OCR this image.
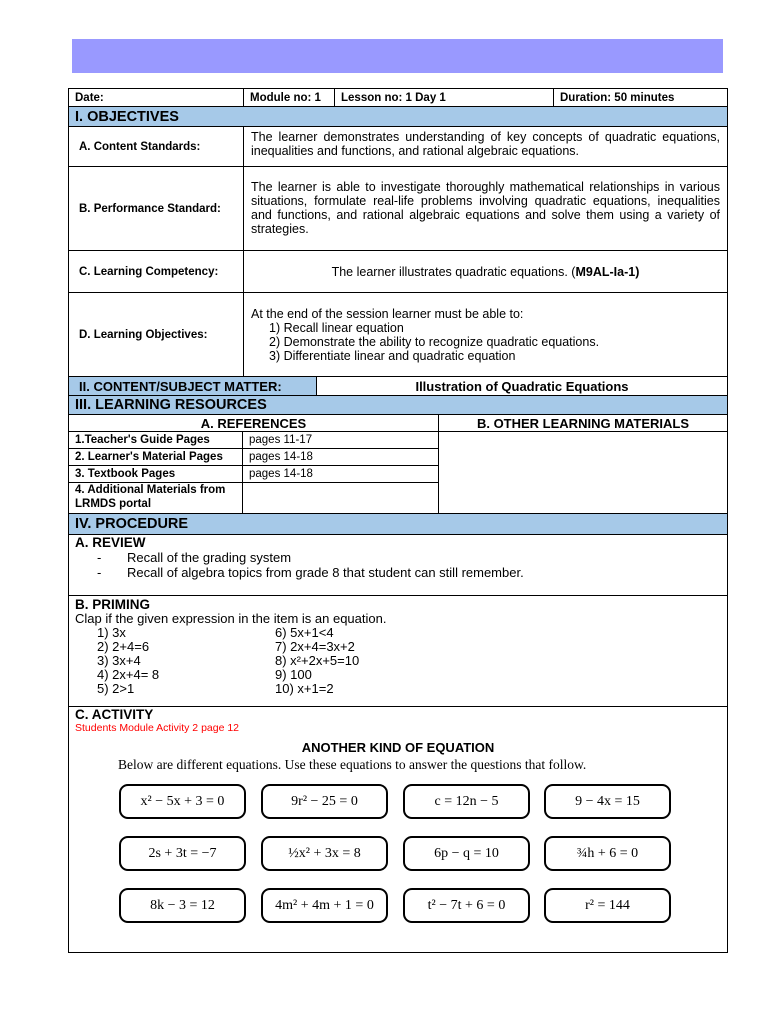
Date:	Module no: 1	Lesson no: 1 Day 1	Duration: 50 minutes
I. OBJECTIVES
A. Content Standards:
The learner demonstrates understanding of key concepts of quadratic equations, inequalities and functions, and rational algebraic equations.
B. Performance Standard:
The learner is able to investigate thoroughly mathematical relationships in various situations, formulate real-life problems involving quadratic equations, inequalities and functions, and rational algebraic equations and solve them using a variety of strategies.
C. Learning Competency:	The learner illustrates quadratic equations. ( M9AL-Ia-1)
D. Learning Objectives:
At the end of the session learner must be able to:
1) Recall linear equation
2) Demonstrate the ability to recognize quadratic equations.
3) Differentiate linear and quadratic equation
II. CONTENT/SUBJECT MATTER:	Illustration of Quadratic Equations
III. LEARNING RESOURCES
A. REFERENCES	B. OTHER LEARNING MATERIALS
1.Teacher's Guide Pages	pages 11-17
2. Learner's Material Pages	pages 14-18
3. Textbook Pages	pages 14-18
4. Additional Materials from LRMDS portal
IV. PROCEDURE
A. REVIEW
-	Recall of the grading system
-	Recall of algebra topics from grade 8 that student can still remember.
B. PRIMING
Clap if the given expression in the item is an equation.
1) 3x
2) 2+4=6
3) 3x+4
4) 2x+4= 8
5) 2>1
6) 5x+1<4
7) 2x+4=3x+2
8) x²+2x+5=10
9) 100
10) x+1=2
C. ACTIVITY
Students Module Activity 2 page 12
ANOTHER KIND OF EQUATION
Below are different equations. Use these equations to answer the questions that follow.
x² − 5x + 3 = 0	9r² − 25 = 0	c = 12n − 5	9 − 4x = 15
2s + 3t = −7	½x² + 3x = 8	6p − q = 10	¾h + 6 = 0
8k − 3 = 12	4m² + 4m + 1 = 0	t² − 7t + 6 = 0	r² = 144
